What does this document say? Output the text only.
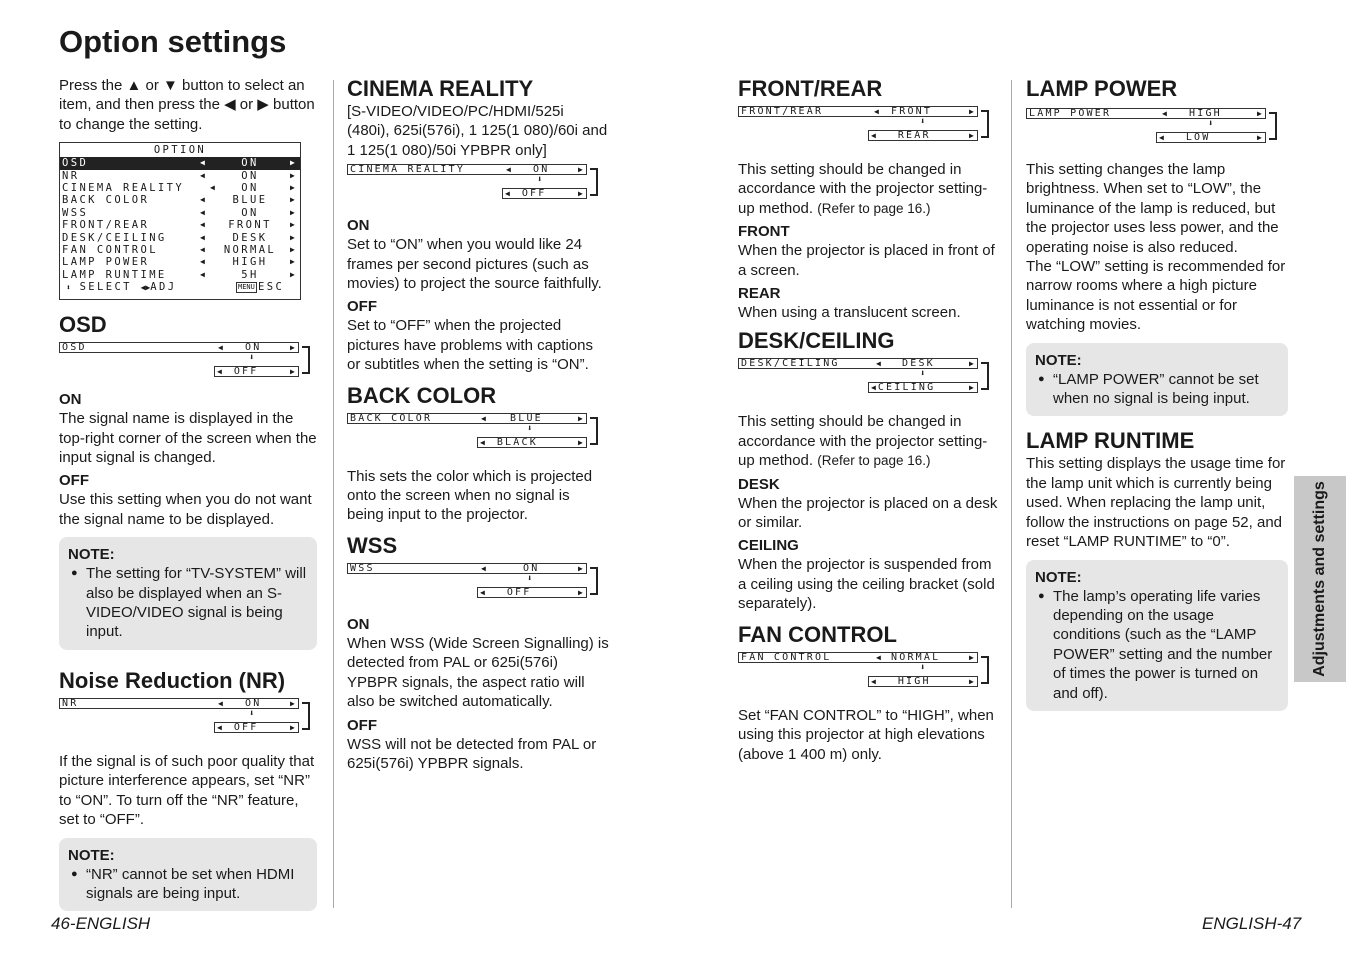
Option settings

Press the ▲ or ▼ button to select an item, and then press the ◀ or ▶ button to change the setting.

OPTION
OSD	◀	ON	▶
NR	◀	ON	▶
CINEMA REALITY	◀	ON	▶
BACK COLOR	◀	BLUE	▶
WSS	◀	ON	▶
FRONT/REAR	◀	FRONT	▶
DESK/CEILING	◀	DESK	▶
FAN CONTROL	◀	NORMAL	▶
LAMP POWER	◀	HIGH	▶
LAMP RUNTIME	◀	5H	▶
⬍ SELECT ◀▶ADJ	MENU ESC
OSD
OSD	◀ ON	▶
⬇
◀ OFF	▶
ON

The signal name is displayed in the top-right corner of the screen when the input signal is changed.

OFF

Use this setting when you do not want the signal name to be displayed.

NOTE:
● The setting for “TV-SYSTEM” will also be displayed when an S-VIDEO/VIDEO signal is being input.
Noise Reduction (NR)
NR	◀ ON	▶
⬇
◀ OFF	▶

If the signal is of such poor quality that picture interference appears, set “NR” to “ON”. To turn off the “NR” feature, set to “OFF”.

NOTE:
● “NR” cannot be set when HDMI signals are being input.
CINEMA REALITY

[S-VIDEO/VIDEO/PC/HDMI/525i (480i), 625i(576i), 1 125(1 080)/60i and 1 125(1 080)/50i YPBPR only]

CINEMA REALITY	◀ ON	▶
⬇
◀ OFF	▶
ON

Set to “ON” when you would like 24 frames per second pictures (such as movies) to project the source faithfully.

OFF

Set to “OFF” when the projected pictures have problems with captions or subtitles when the setting is “ON”.

BACK COLOR
BACK COLOR	◀ BLUE	▶
⬇
◀ BLACK	▶

This sets the color which is projected onto the screen when no signal is being input to the projector.

WSS
WSS	◀	ON	▶
⬇
◀ OFF	▶
ON

When WSS (Wide Screen Signalling) is detected from PAL or 625i(576i) YPBPR signals, the aspect ratio will also be switched automatically.

OFF

WSS will not be detected from PAL or 625i(576i) YPBPR signals.

FRONT/REAR
FRONT/REAR	◀ FRONT	▶
⬇
◀ REAR	▶

This setting should be changed in accordance with the projector setting-up method. (Refer to page 16.)

FRONT

When the projector is placed in front of a screen.

REAR

When using a translucent screen.

DESK/CEILING
DESK/CEILING	◀ DESK	▶
⬇
◀ CEILING	▶

This setting should be changed in accordance with the projector setting-up method. (Refer to page 16.)

DESK

When the projector is placed on a desk or similar.

CEILING

When the projector is suspended from a ceiling using the ceiling bracket (sold separately).

FAN CONTROL
FAN CONTROL	◀ NORMAL	▶
⬇
◀ HIGH	▶

Set “FAN CONTROL” to “HIGH”, when using this projector at high elevations (above 1 400 m) only.

LAMP POWER
LAMP POWER	◀ HIGH	▶
⬇
◀ LOW	▶

This setting changes the lamp brightness. When set to “LOW”, the luminance of the lamp is reduced, but the projector uses less power, and the operating noise is also reduced.

The “LOW” setting is recommended for narrow rooms where a high picture luminance is not essential or for watching movies.

NOTE:
● “LAMP POWER” cannot be set when no signal is being input.
LAMP RUNTIME

This setting displays the usage time for the lamp unit which is currently being used. When replacing the lamp unit, follow the instructions on page 52, and reset “LAMP RUNTIME” to “0”.

NOTE:
● The lamp’s operating life varies depending on the usage conditions (such as the “LAMP POWER” setting and the number of times the power is turned on and off).
Adjustments and settings
46-ENGLISH	ENGLISH-47
